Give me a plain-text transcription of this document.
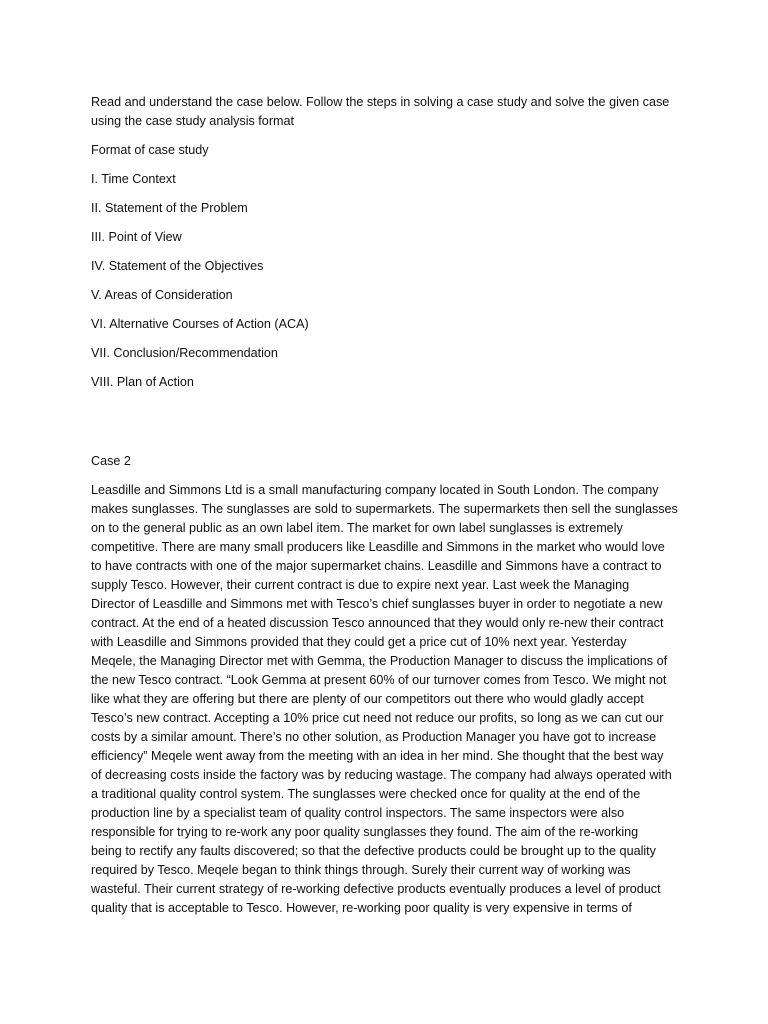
Read and understand the case below. Follow the steps in solving a case study and solve the given case
using the case study analysis format

Format of case study

I. Time Context

II. Statement of the Problem

III. Point of View

IV. Statement of the Objectives

V. Areas of Consideration

VI. Alternative Courses of Action (ACA)

VII. Conclusion/Recommendation

VIII. Plan of Action

Case 2

Leasdille and Simmons Ltd is a small manufacturing company located in South London. The company
makes sunglasses. The sunglasses are sold to supermarkets. The supermarkets then sell the sunglasses
on to the general public as an own label item. The market for own label sunglasses is extremely
competitive. There are many small producers like Leasdille and Simmons in the market who would love
to have contracts with one of the major supermarket chains. Leasdille and Simmons have a contract to
supply Tesco. However, their current contract is due to expire next year. Last week the Managing
Director of Leasdille and Simmons met with Tesco’s chief sunglasses buyer in order to negotiate a new
contract. At the end of a heated discussion Tesco announced that they would only re-new their contract
with Leasdille and Simmons provided that they could get a price cut of 10% next year. Yesterday
Meqele, the Managing Director met with Gemma, the Production Manager to discuss the implications of
the new Tesco contract. “Look Gemma at present 60% of our turnover comes from Tesco. We might not
like what they are offering but there are plenty of our competitors out there who would gladly accept
Tesco’s new contract. Accepting a 10% price cut need not reduce our profits, so long as we can cut our
costs by a similar amount. There’s no other solution, as Production Manager you have got to increase
efficiency” Meqele went away from the meeting with an idea in her mind. She thought that the best way
of decreasing costs inside the factory was by reducing wastage. The company had always operated with
a traditional quality control system. The sunglasses were checked once for quality at the end of the
production line by a specialist team of quality control inspectors. The same inspectors were also
responsible for trying to re-work any poor quality sunglasses they found. The aim of the re-working
being to rectify any faults discovered; so that the defective products could be brought up to the quality
required by Tesco. Meqele began to think things through. Surely their current way of working was
wasteful. Their current strategy of re-working defective products eventually produces a level of product
quality that is acceptable to Tesco. However, re-working poor quality is very expensive in terms of
